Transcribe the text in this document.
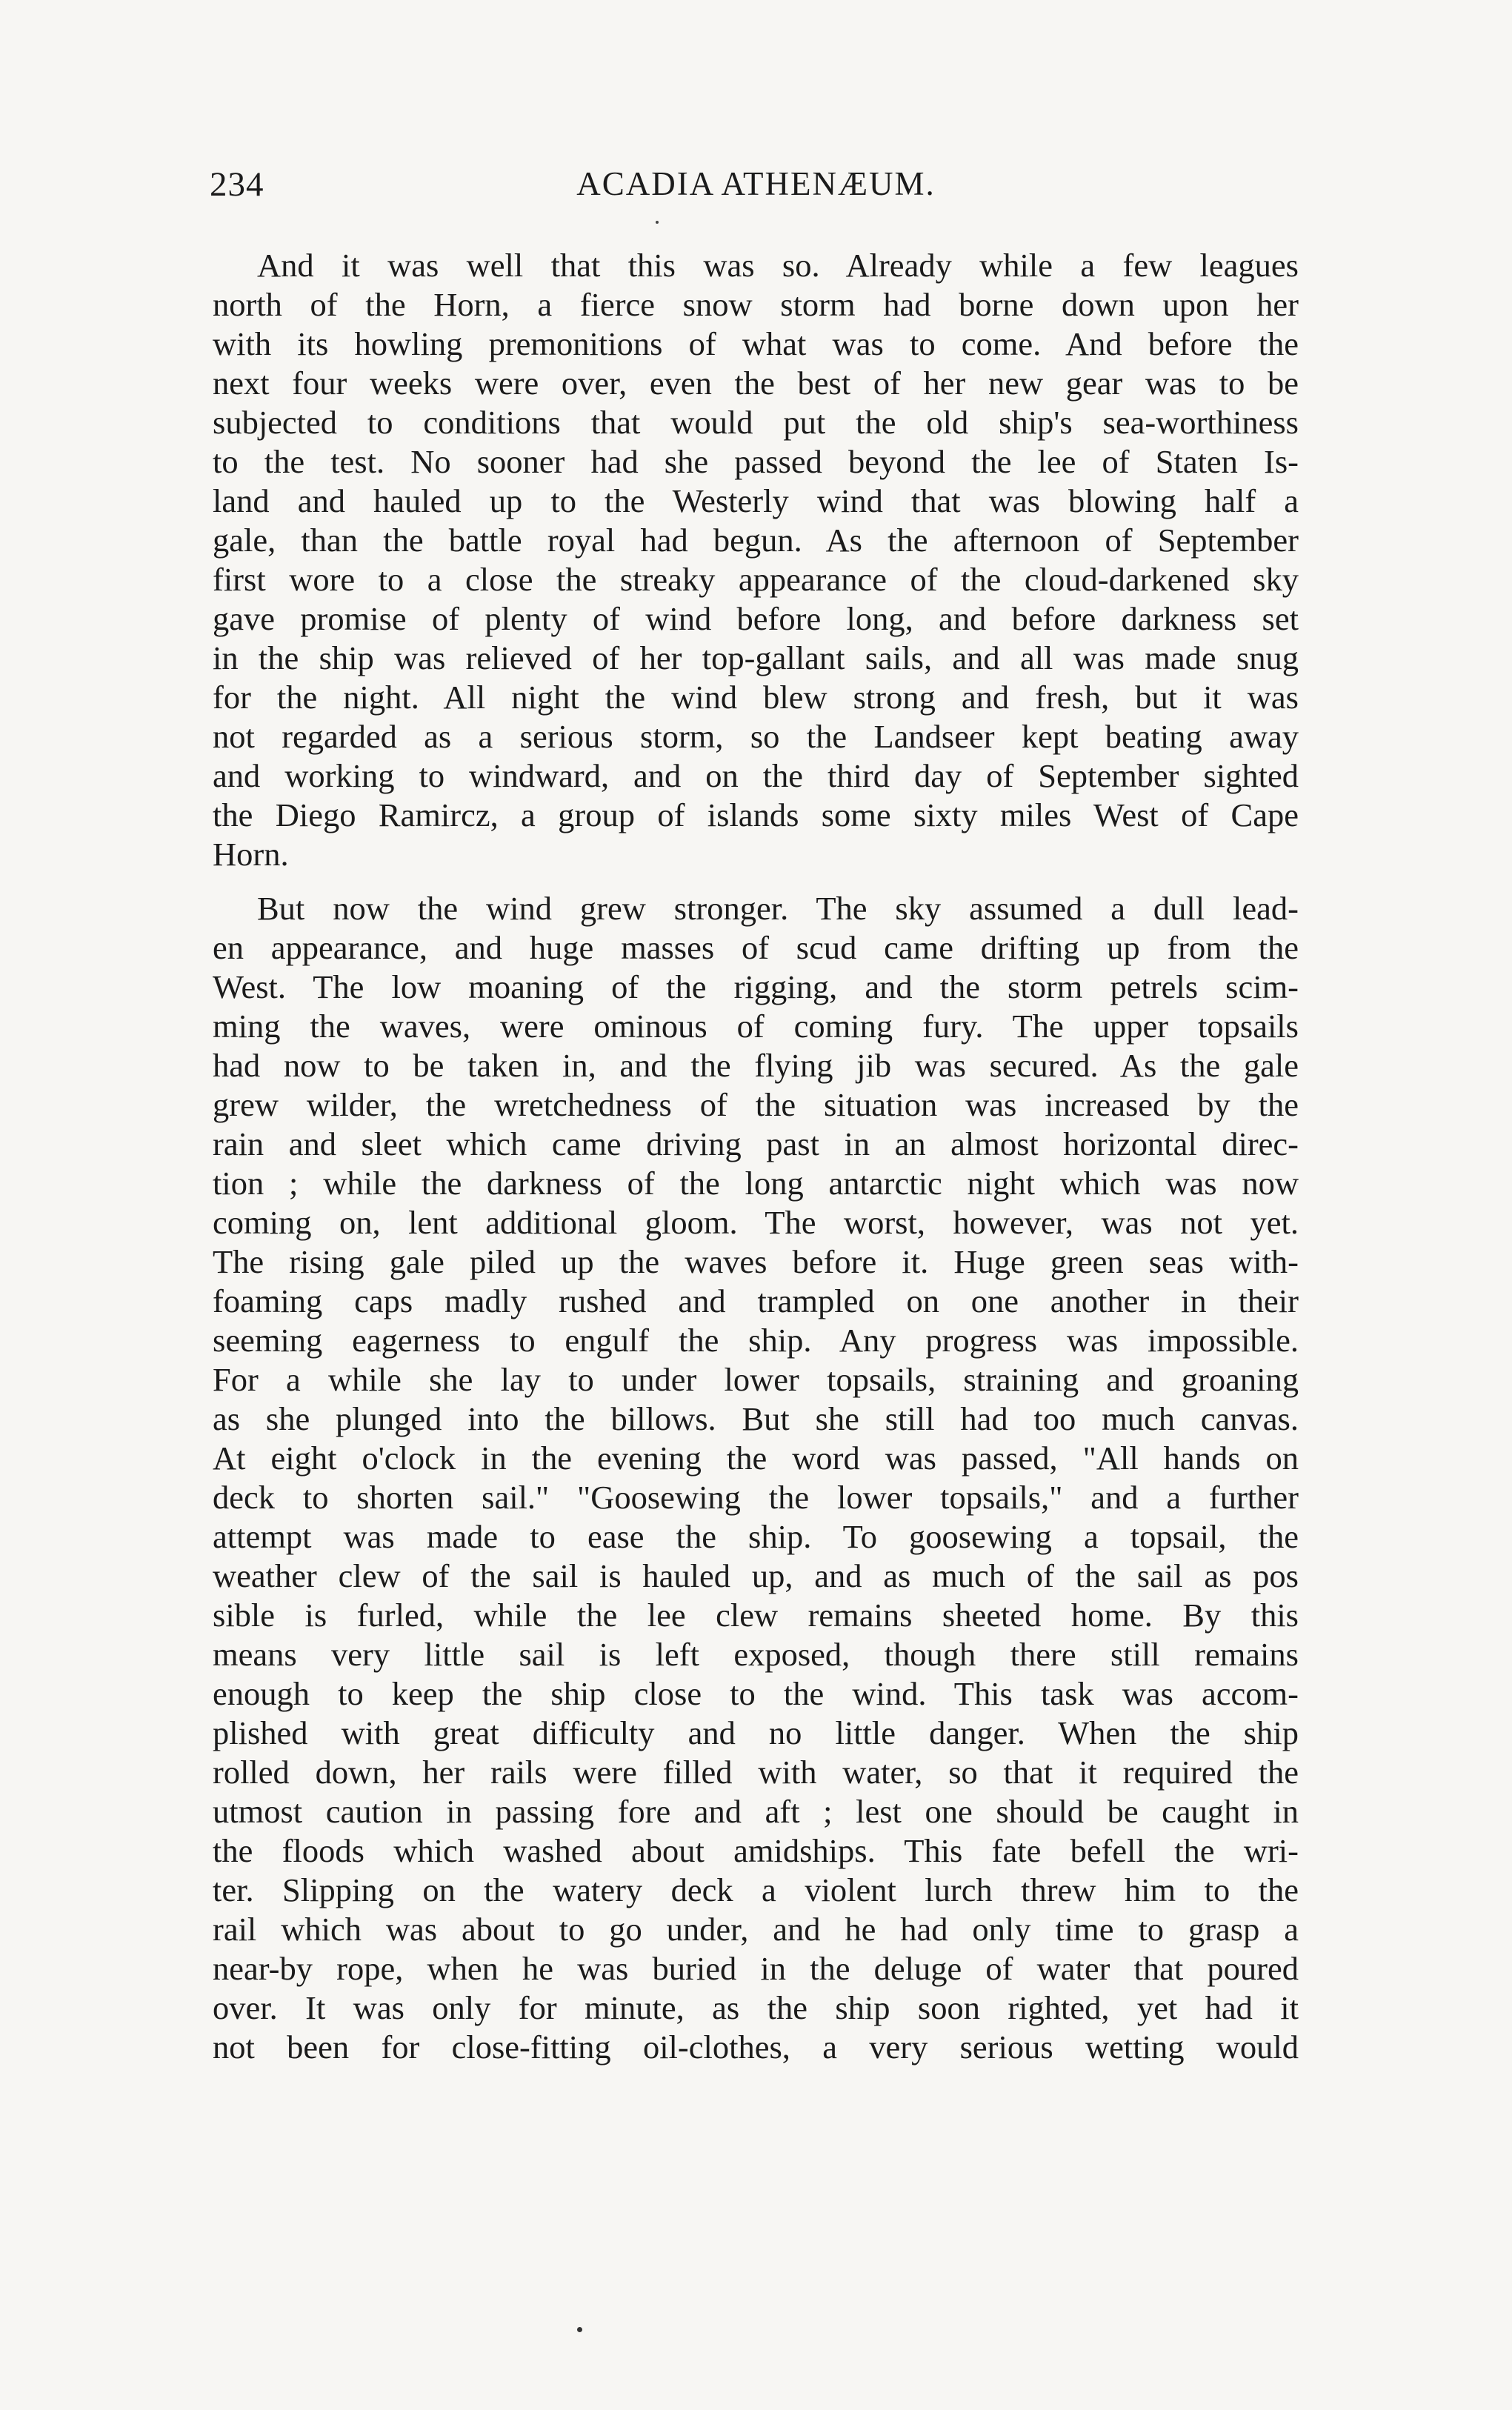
234	ACADIA ATHENÆUM.
And it was well that this was so. Already while a few leagues
north of the Horn, a fierce snow storm had borne down upon her
with its howling premonitions of what was to come. And before the
next four weeks were over, even the best of her new gear was to be
subjected to conditions that would put the old ship's sea-worthiness
to the test. No sooner had she passed beyond the lee of Staten Is-
land and hauled up to the Westerly wind that was blowing half a
gale, than the battle royal had begun. As the afternoon of September
first wore to a close the streaky appearance of the cloud-darkened sky
gave promise of plenty of wind before long, and before darkness set
in the ship was relieved of her top-gallant sails, and all was made snug
for the night. All night the wind blew strong and fresh, but it was
not regarded as a serious storm, so the Landseer kept beating away
and working to windward, and on the third day of September sighted
the Diego Ramircz, a group of islands some sixty miles West of Cape
Horn.
But now the wind grew stronger. The sky assumed a dull lead-
en appearance, and huge masses of scud came drifting up from the
West. The low moaning of the rigging, and the storm petrels scim-
ming the waves, were ominous of coming fury. The upper topsails
had now to be taken in, and the flying jib was secured. As the gale
grew wilder, the wretchedness of the situation was increased by the
rain and sleet which came driving past in an almost horizontal direc-
tion ; while the darkness of the long antarctic night which was now
coming on, lent additional gloom. The worst, however, was not yet.
The rising gale piled up the waves before it. Huge green seas with-
foaming caps madly rushed and trampled on one another in their
seeming eagerness to engulf the ship. Any progress was impossible.
For a while she lay to under lower topsails, straining and groaning
as she plunged into the billows. But she still had too much canvas.
At eight o'clock in the evening the word was passed, "All hands on
deck to shorten sail." "Goosewing the lower topsails," and a further
attempt was made to ease the ship. To goosewing a topsail, the
weather clew of the sail is hauled up, and as much of the sail as pos
sible is furled, while the lee clew remains sheeted home. By this
means very little sail is left exposed, though there still remains
enough to keep the ship close to the wind. This task was accom-
plished with great difficulty and no little danger. When the ship
rolled down, her rails were filled with water, so that it required the
utmost caution in passing fore and aft ; lest one should be caught in
the floods which washed about amidships. This fate befell the wri-
ter. Slipping on the watery deck a violent lurch threw him to the
rail which was about to go under, and he had only time to grasp a
near-by rope, when he was buried in the deluge of water that poured
over. It was only for minute, as the ship soon righted, yet had it
not been for close-fitting oil-clothes, a very serious wetting would
